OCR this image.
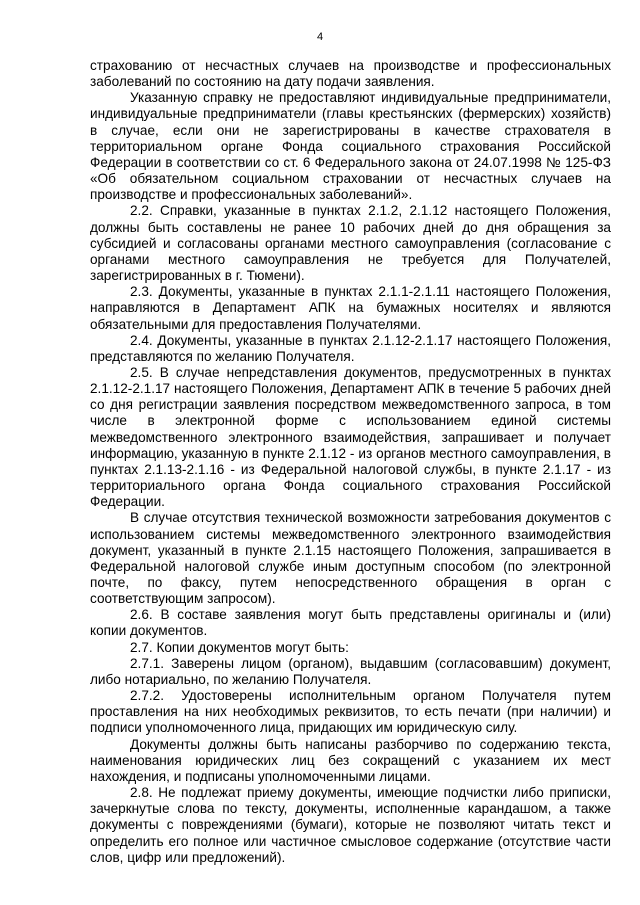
4

страхованию от несчастных случаев на производстве и профессиональных заболеваний по состоянию на дату подачи заявления.

Указанную справку не предоставляют индивидуальные предприниматели, индивидуальные предприниматели (главы крестьянских (фермерских) хозяйств) в случае, если они не зарегистрированы в качестве страхователя в территориальном органе Фонда социального страхования Российской Федерации в соответствии со ст. 6 Федерального закона от 24.07.1998 № 125-ФЗ «Об обязательном социальном страховании от несчастных случаев на производстве и профессиональных заболеваний».

2.2. Справки, указанные в пунктах 2.1.2, 2.1.12 настоящего Положения, должны быть составлены не ранее 10 рабочих дней до дня обращения за субсидией и согласованы органами местного самоуправления (согласование с органами местного самоуправления не требуется для Получателей, зарегистрированных в г. Тюмени).

2.3. Документы, указанные в пунктах 2.1.1-2.1.11 настоящего Положения, направляются в Департамент АПК на бумажных носителях и являются обязательными для предоставления Получателями.

2.4. Документы, указанные в пунктах 2.1.12-2.1.17 настоящего Положения, представляются по желанию Получателя.

2.5. В случае непредставления документов, предусмотренных в пунктах 2.1.12-2.1.17 настоящего Положения, Департамент АПК в течение 5 рабочих дней со дня регистрации заявления посредством межведомственного запроса, в том числе в электронной форме с использованием единой системы межведомственного электронного взаимодействия, запрашивает и получает информацию, указанную в пункте 2.1.12 - из органов местного самоуправления, в пунктах 2.1.13-2.1.16 - из Федеральной налоговой службы, в пункте 2.1.17 - из территориального органа Фонда социального страхования Российской Федерации.

В случае отсутствия технической возможности затребования документов с использованием системы межведомственного электронного взаимодействия документ, указанный в пункте 2.1.15 настоящего Положения, запрашивается в Федеральной налоговой службе иным доступным способом (по электронной почте, по факсу, путем непосредственного обращения в орган с соответствующим запросом).

2.6. В составе заявления могут быть представлены оригиналы и (или) копии документов.

2.7. Копии документов могут быть:

2.7.1. Заверены лицом (органом), выдавшим (согласовавшим) документ, либо нотариально, по желанию Получателя.

2.7.2. Удостоверены исполнительным органом Получателя путем проставления на них необходимых реквизитов, то есть печати (при наличии) и подписи уполномоченного лица, придающих им юридическую силу.

Документы должны быть написаны разборчиво по содержанию текста, наименования юридических лиц без сокращений с указанием их мест нахождения, и подписаны уполномоченными лицами.

2.8. Не подлежат приему документы, имеющие подчистки либо приписки, зачеркнутые слова по тексту, документы, исполненные карандашом, а также документы с повреждениями (бумаги), которые не позволяют читать текст и определить его полное или частичное смысловое содержание (отсутствие части слов, цифр или предложений).
